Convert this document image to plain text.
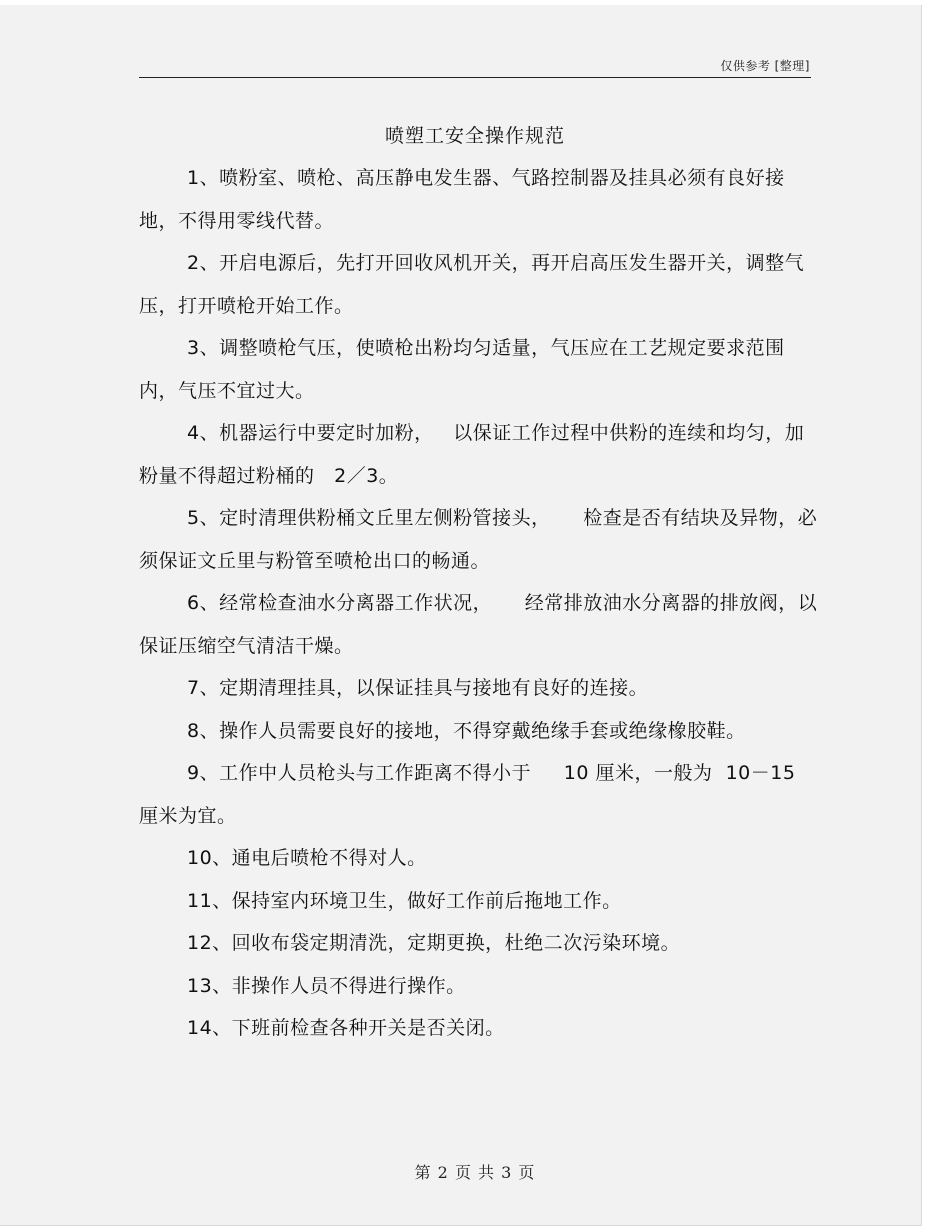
仅供参考 [整理]
喷塑工安全操作规范

1、喷粉室、喷枪、高压静电发生器、气路控制器及挂具必须有良好接地，不得用零线代替。

2、开启电源后，先打开回收风机开关，再开启高压发生器开关，调整气压，打开喷枪开始工作。

3、调整喷枪气压，使喷枪出粉均匀适量，气压应在工艺规定要求范围内，气压不宜过大。

4、机器运行中要定时加粉，   以保证工作过程中供粉的连续和均匀，加粉量不得超过粉桶的   2／3。

5、定时清理供粉桶文丘里左侧粉管接头，     检查是否有结块及异物，必须保证文丘里与粉管至喷枪出口的畅通。

6、经常检查油水分离器工作状况，     经常排放油水分离器的排放阀，以保证压缩空气清洁干燥。

7、定期清理挂具，以保证挂具与接地有良好的连接。

8、操作人员需要良好的接地，不得穿戴绝缘手套或绝缘橡胶鞋。

9、工作中人员枪头与工作距离不得小于     10 厘米，一般为  10－15 厘米为宜。

10、通电后喷枪不得对人。

11、保持室内环境卫生，做好工作前后拖地工作。

12、回收布袋定期清洗，定期更换，杜绝二次污染环境。

13、非操作人员不得进行操作。

14、下班前检查各种开关是否关闭。

第 2 页 共 3 页
